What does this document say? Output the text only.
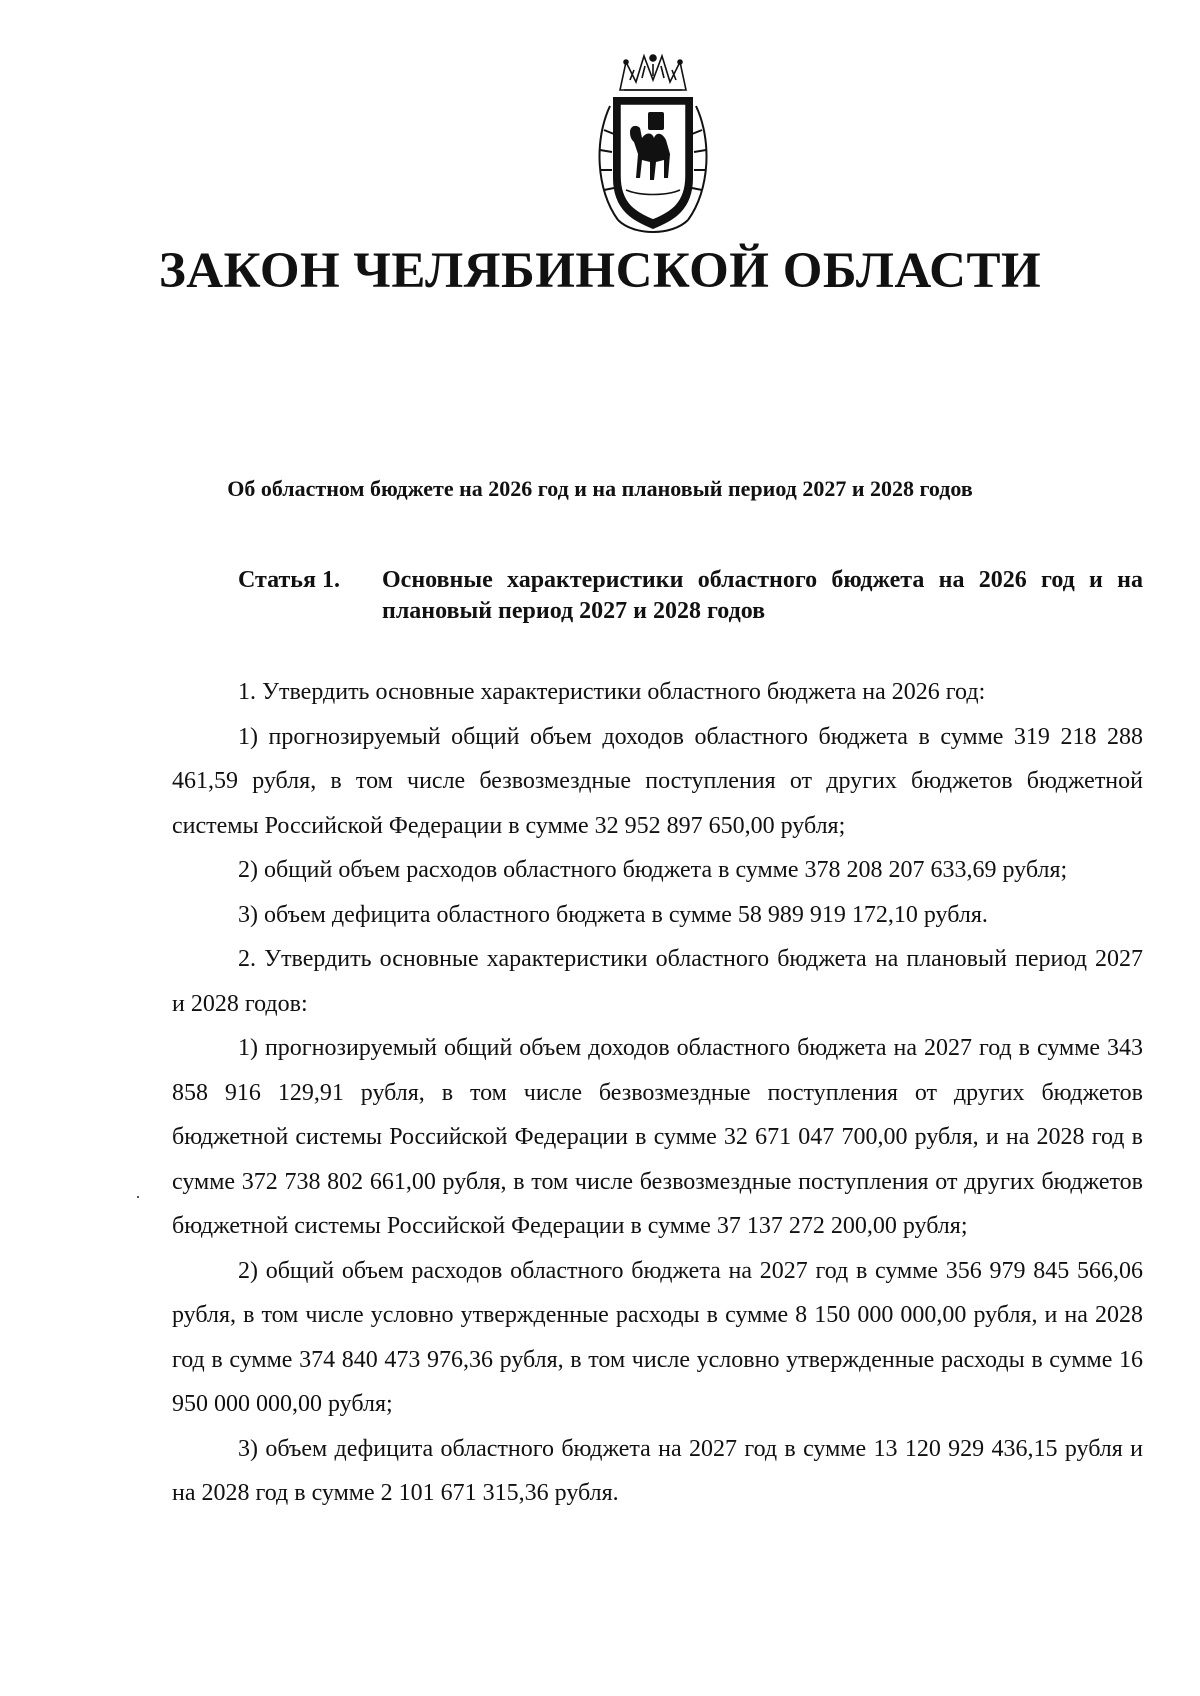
ЗАКОН ЧЕЛЯБИНСКОЙ ОБЛАСТИ
Об областном бюджете на 2026 год и на плановый период 2027 и 2028 годов
Статья 1. Основные характеристики областного бюджета на 2026 год и на плановый период 2027 и 2028 годов

1. Утвердить основные характеристики областного бюджета на 2026 год:

1) прогнозируемый общий объем доходов областного бюджета в сумме 319 218 288 461,59 рубля, в том числе безвозмездные поступления от других бюджетов бюджетной системы Российской Федерации в сумме 32 952 897 650,00 рубля;

2) общий объем расходов областного бюджета в сумме 378 208 207 633,69 рубля;

3) объем дефицита областного бюджета в сумме 58 989 919 172,10 рубля.

2. Утвердить основные характеристики областного бюджета на плановый период 2027 и 2028 годов:

1) прогнозируемый общий объем доходов областного бюджета на 2027 год в сумме 343 858 916 129,91 рубля, в том числе безвозмездные поступления от других бюджетов бюджетной системы Российской Федерации в сумме 32 671 047 700,00 рубля, и на 2028 год в сумме 372 738 802 661,00 рубля, в том числе безвозмездные поступления от других бюджетов бюджетной системы Российской Федерации в сумме 37 137 272 200,00 рубля;

2) общий объем расходов областного бюджета на 2027 год в сумме 356 979 845 566,06 рубля, в том числе условно утвержденные расходы в сумме 8 150 000 000,00 рубля, и на 2028 год в сумме 374 840 473 976,36 рубля, в том числе условно утвержденные расходы в сумме 16 950 000 000,00 рубля;

3) объем дефицита областного бюджета на 2027 год в сумме 13 120 929 436,15 рубля и на 2028 год в сумме 2 101 671 315,36 рубля.
